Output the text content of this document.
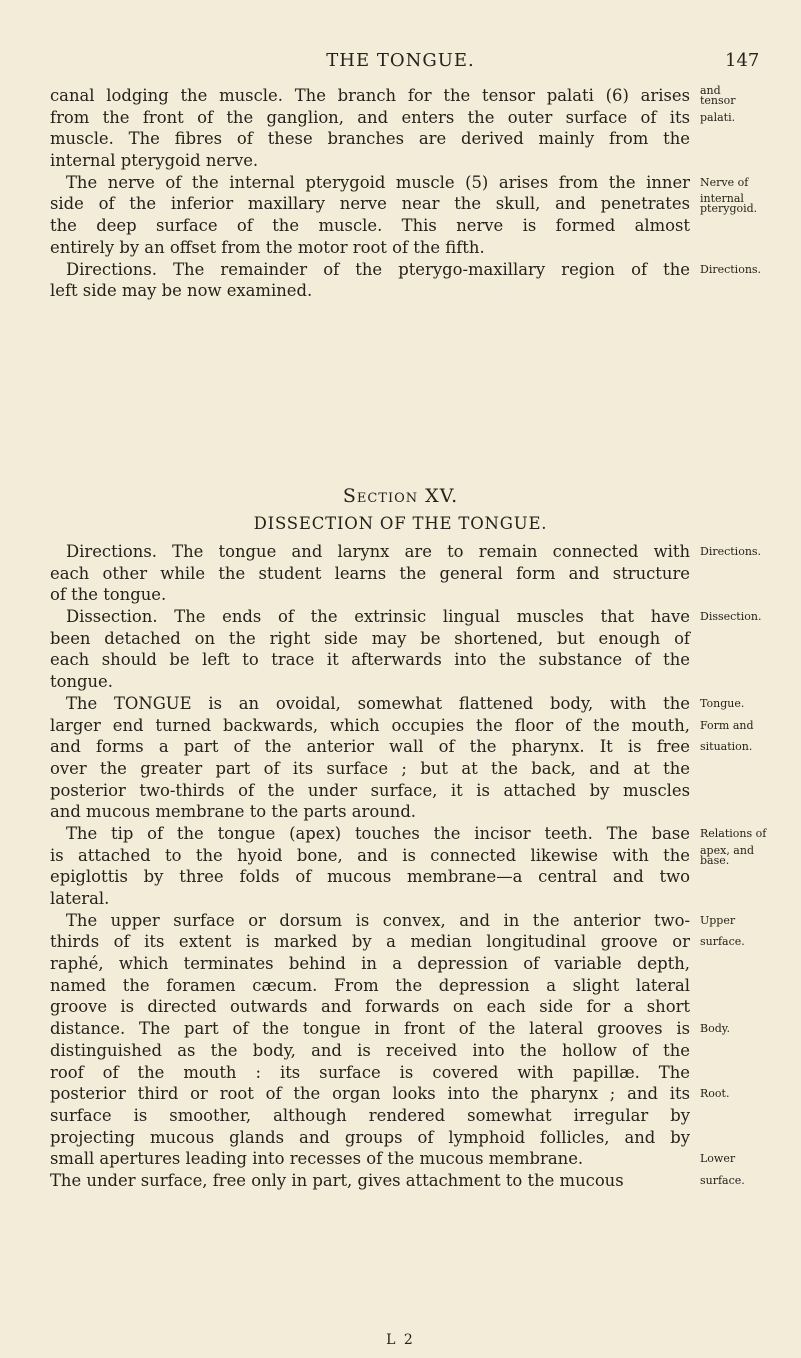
THE TONGUE.	147
canal lodging the muscle. The branch for the tensor palati (6) arises and
tensor
from the front of the ganglion, and enters the outer surface of its palati.
muscle. The fibres of these branches are derived mainly from the
internal pterygoid nerve.
The nerve of the internal pterygoid muscle (5) arises from the inner Nerve of
side of the inferior maxillary nerve near the skull, and penetrates internal
pterygoid.
the deep surface of the muscle. This nerve is formed almost
entirely by an offset from the motor root of the fifth.
Directions. The remainder of the pterygo-maxillary region of the Directions.
left side may be now examined.
Section XV.
DISSECTION OF THE TONGUE.
Directions. The tongue and larynx are to remain connected with Directions.
each other while the student learns the general form and structure
of the tongue.
Dissection. The ends of the extrinsic lingual muscles that have Dissection.
been detached on the right side may be shortened, but enough of
each should be left to trace it afterwards into the substance of the
tongue.
The TONGUE is an ovoidal, somewhat flattened body, with the Tongue.
larger end turned backwards, which occupies the floor of the mouth, Form and
and forms a part of the anterior wall of the pharynx. It is free situation.
over the greater part of its surface ; but at the back, and at the
posterior two-thirds of the under surface, it is attached by muscles
and mucous membrane to the parts around.
The tip of the tongue (apex) touches the incisor teeth. The base Relations of
is attached to the hyoid bone, and is connected likewise with the apex, and
base.
epiglottis by three folds of mucous membrane—a central and two
lateral.
The upper surface or dorsum is convex, and in the anterior two- Upper
thirds of its extent is marked by a median longitudinal groove or surface.
raphé, which terminates behind in a depression of variable depth,
named the foramen cæcum. From the depression a slight lateral
groove is directed outwards and forwards on each side for a short
distance. The part of the tongue in front of the lateral grooves is Body.
distinguished as the body, and is received into the hollow of the
roof of the mouth : its surface is covered with papillæ. The
posterior third or root of the organ looks into the pharynx ; and its Root.
surface is smoother, although rendered somewhat irregular by
projecting mucous glands and groups of lymphoid follicles, and by
small apertures leading into recesses of the mucous membrane.	Lower
The under surface, free only in part, gives attachment to the mucous	surface.
L 2
